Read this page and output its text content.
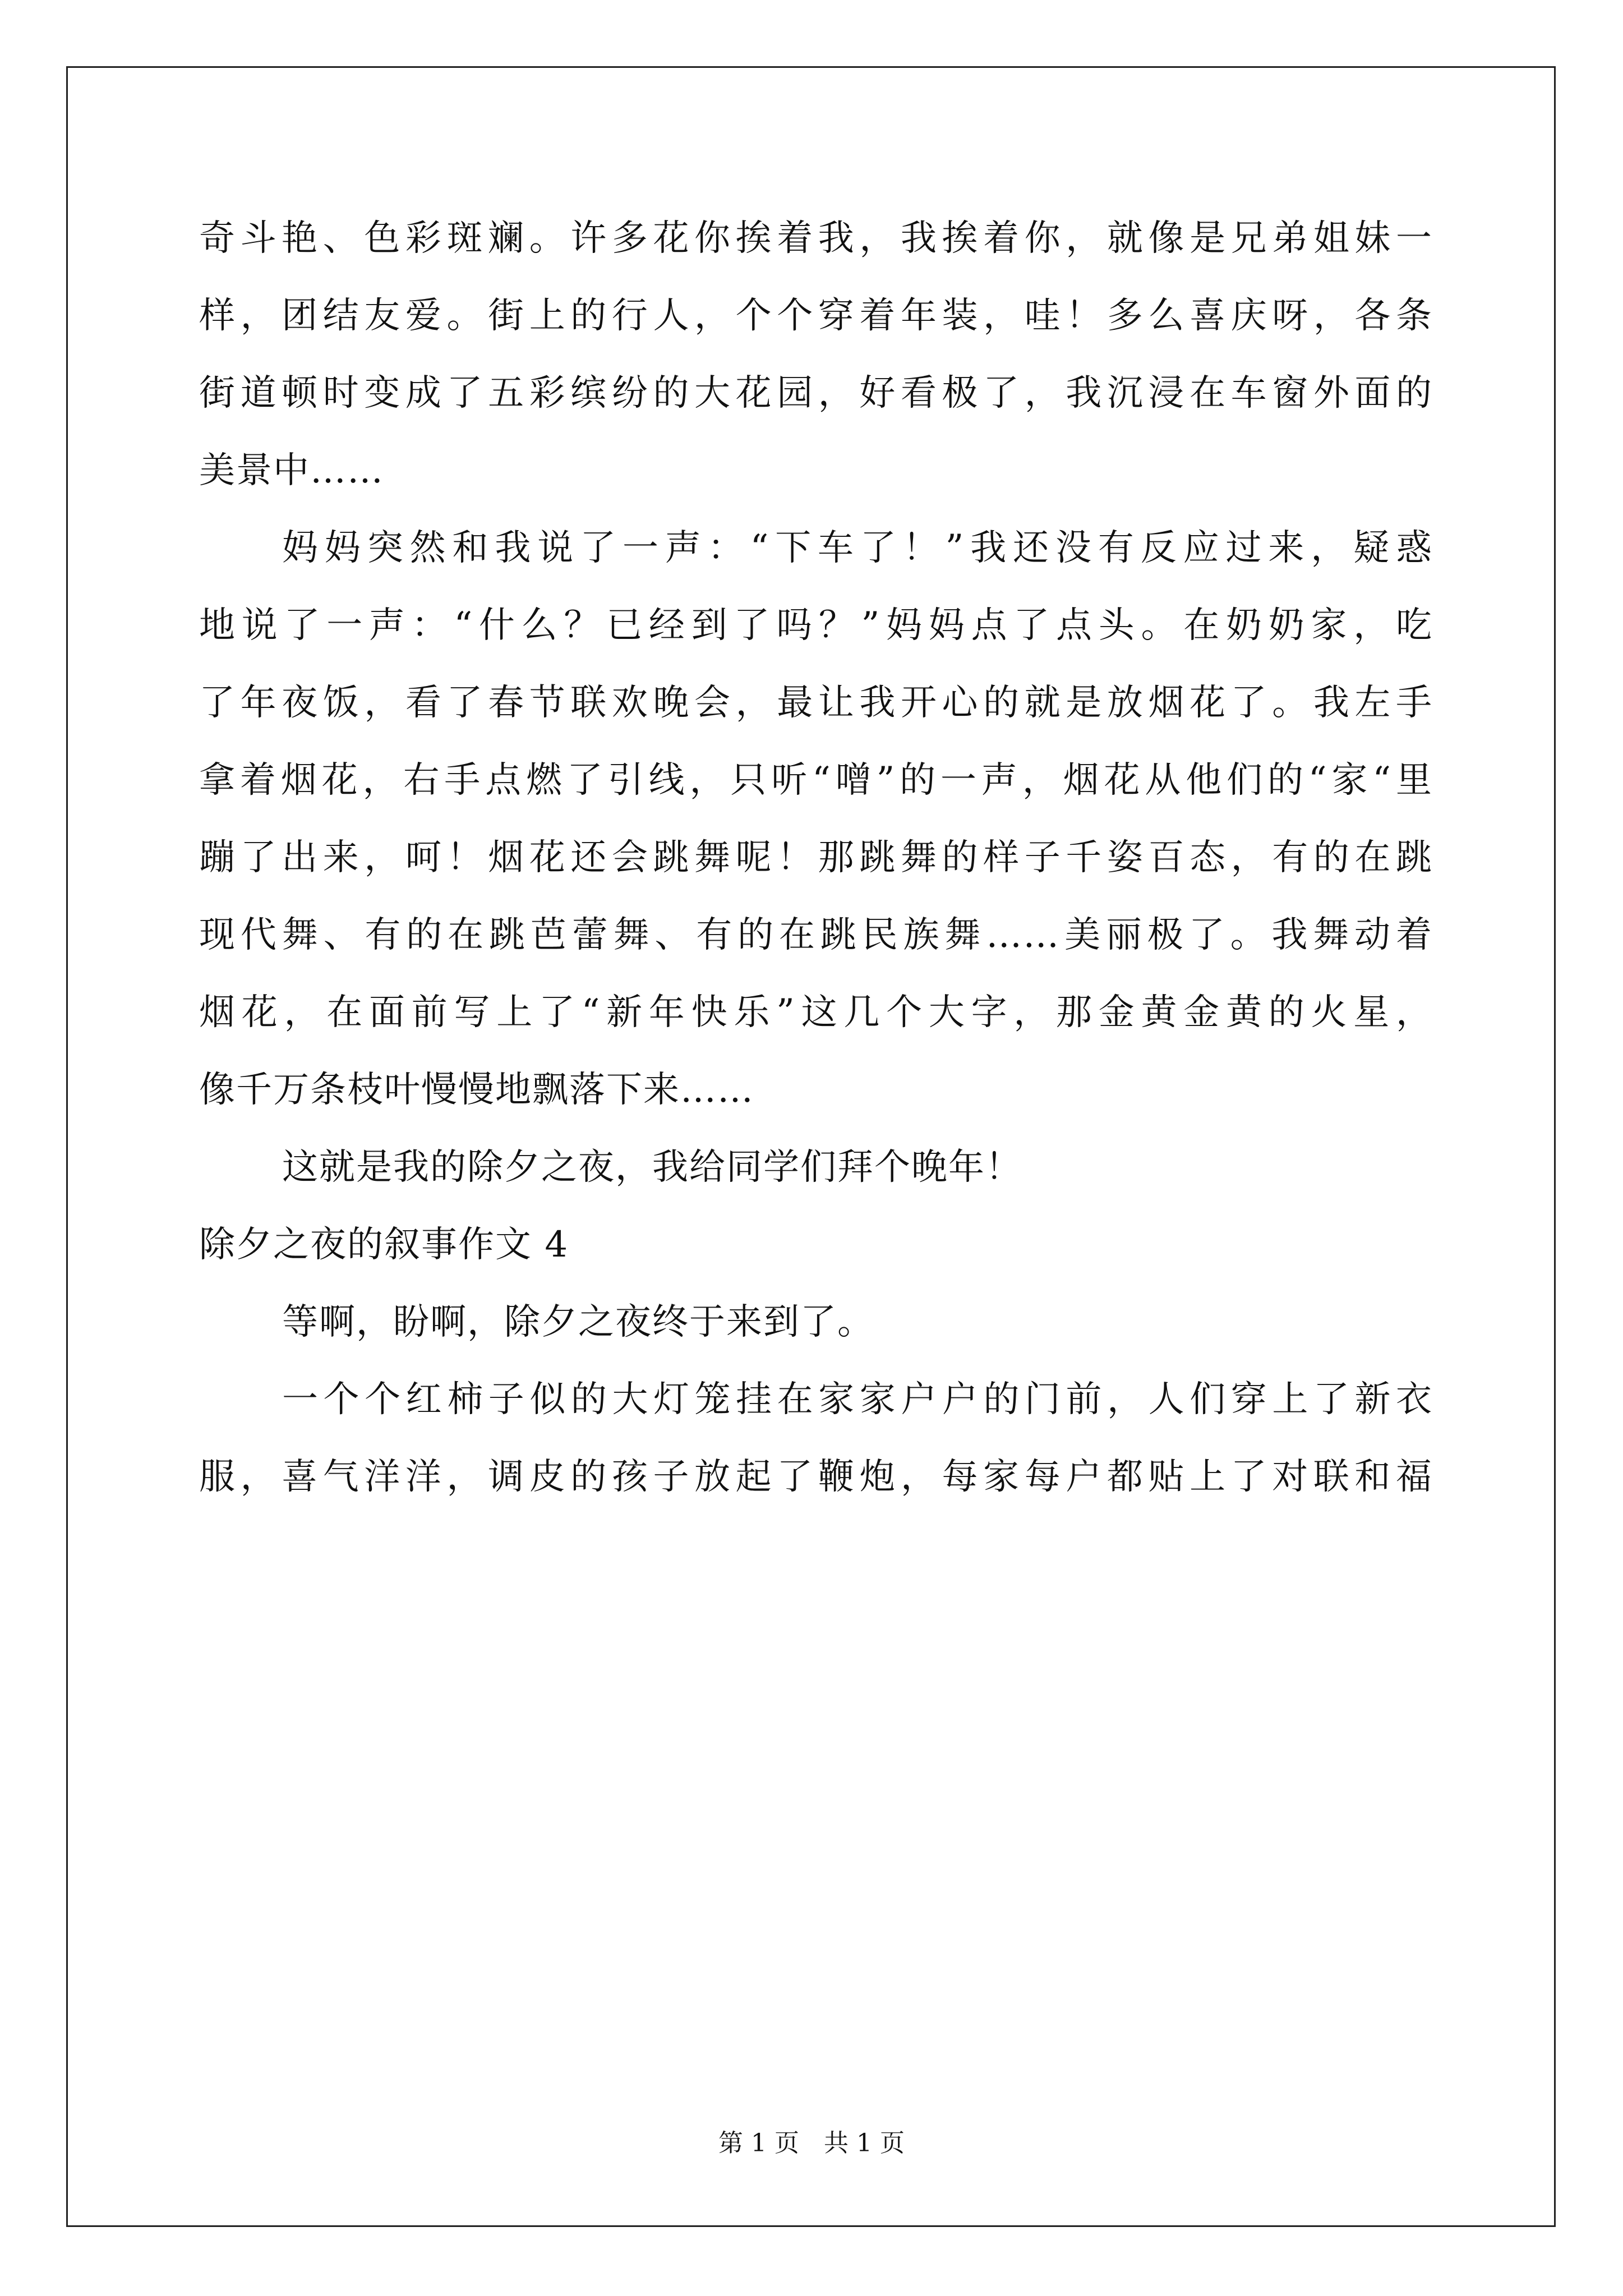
奇斗艳、色彩斑斓。许多花你挨着我，我挨着你，就像是兄弟姐妹一
样，团结友爱。街上的行人，个个穿着年装，哇！多么喜庆呀，各条
街道顿时变成了五彩缤纷的大花园，好看极了，我沉浸在车窗外面的
美景中……
妈妈突然和我说了一声：“下车了！”我还没有反应过来，疑惑
地说了一声：“什么？已经到了吗？”妈妈点了点头。在奶奶家，吃
了年夜饭，看了春节联欢晚会，最让我开心的就是放烟花了。我左手
拿着烟花，右手点燃了引线，只听“噌”的一声，烟花从他们的“家“里
蹦了出来，呵！烟花还会跳舞呢！那跳舞的样子千姿百态，有的在跳
现代舞、有的在跳芭蕾舞、有的在跳民族舞……美丽极了。我舞动着
烟花，在面前写上了“新年快乐”这几个大字，那金黄金黄的火星，
像千万条枝叶慢慢地飘落下来……
这就是我的除夕之夜，我给同学们拜个晚年！
除夕之夜的叙事作文 4
等啊，盼啊，除夕之夜终于来到了。
一个个红柿子似的大灯笼挂在家家户户的门前，人们穿上了新衣
服，喜气洋洋，调皮的孩子放起了鞭炮，每家每户都贴上了对联和福
第 1 页　共 1 页
